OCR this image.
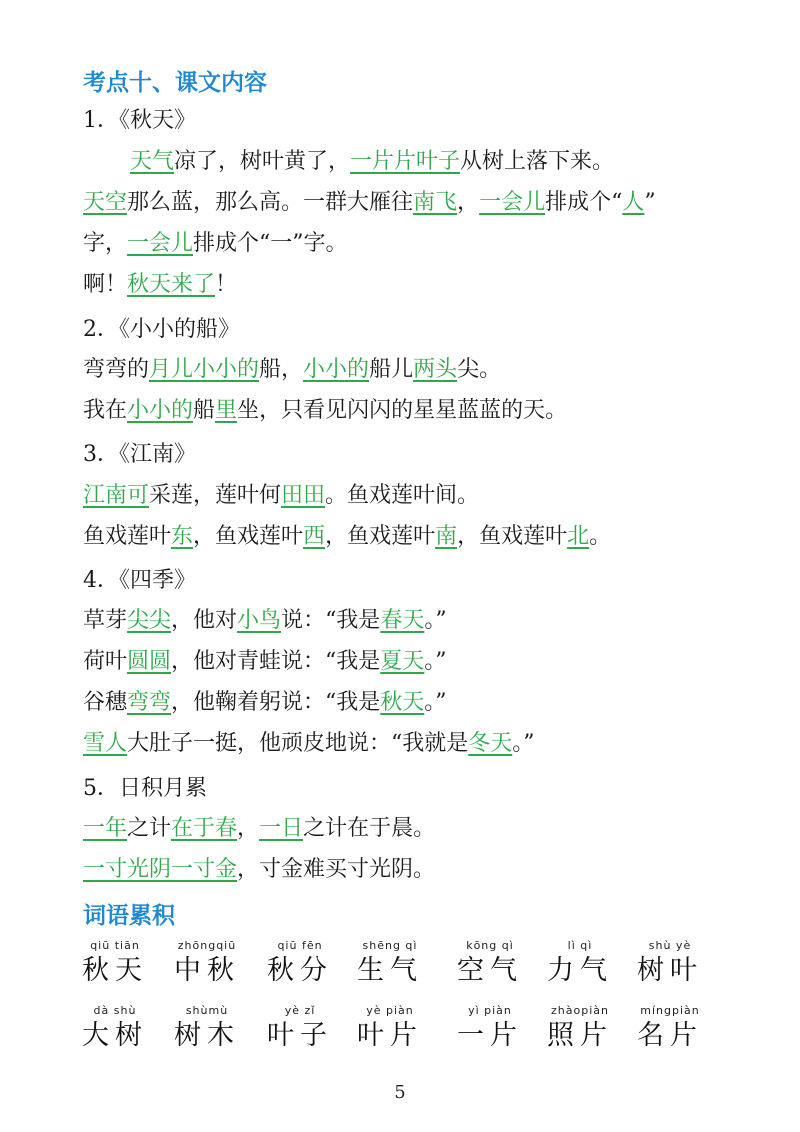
考点十、课文内容
1．《秋天》
天气凉了，树叶黄了，一片片叶子从树上落下来。
天空那么蓝，那么高。一群大雁往南飞，一会儿排成个“人”
字，一会儿排成个“一”字。
啊！秋天来了！
2．《小小的船》
弯弯的月儿小小的船，小小的船儿两头尖。
我在小小的船里坐，只看见闪闪的星星蓝蓝的天。
3．《江南》
江南可采莲，莲叶何田田。鱼戏莲叶间。
鱼戏莲叶东，鱼戏莲叶西，鱼戏莲叶南，鱼戏莲叶北。
4．《四季》
草芽尖尖，他对小鸟说：“我是春天。”
荷叶圆圆，他对青蛙说：“我是夏天。”
谷穗弯弯，他鞠着躬说：“我是秋天。”
雪人大肚子一挺，他顽皮地说：“我就是冬天。”
5．日积月累
一年之计在于春，一日之计在于晨。
一寸光阴一寸金，寸金难买寸光阴。
词语累积
qiū tiān
秋天
zhōngqiū
中秋
qiū fēn
秋分
shēng qì
生气
kōng qì
空气
lì qì
力气
shù yè
树叶
dà shù
大树
shùmù
树木
yè zǐ
叶子
yè piàn
叶片
yì piàn
一片
zhàopiàn
照片
míngpiàn
名片
5
